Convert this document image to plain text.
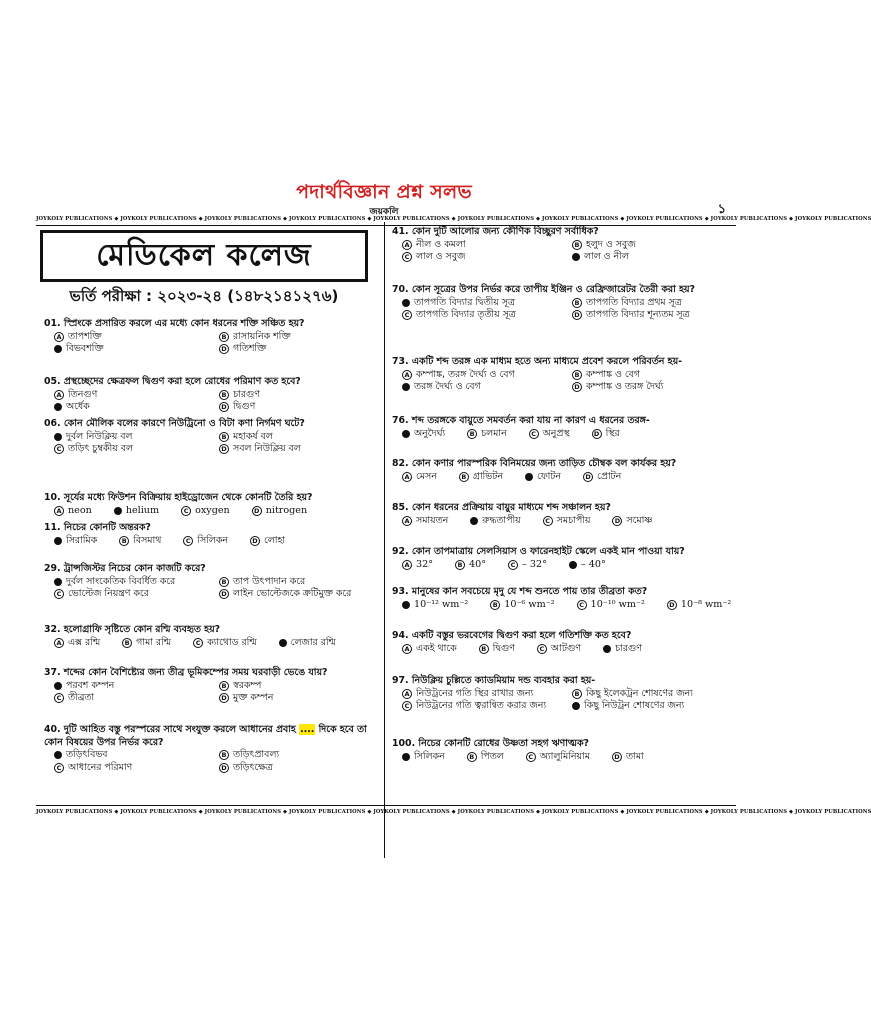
পদার্থবিজ্ঞান প্রশ্ন সলভ
জয়কলি	১
JOYKOLY PUBLICATIONS ◆ JOYKOLY PUBLICATIONS ◆ JOYKOLY PUBLICATIONS ◆ JOYKOLY PUBLICATIONS ◆ JOYKOLY PUBLICATIONS ◆ JOYKOLY PUBLICATIONS ◆ JOYKOLY PUBLICATIONS ◆ JOYKOLY PUBLICATIONS ◆ JOYKOLY PUBLICATIONS ◆ JOYKOLY PUBLICATIONS
JOYKOLY PUBLICATIONS ◆ JOYKOLY PUBLICATIONS ◆ JOYKOLY PUBLICATIONS ◆ JOYKOLY PUBLICATIONS ◆ JOYKOLY PUBLICATIONS ◆ JOYKOLY PUBLICATIONS ◆ JOYKOLY PUBLICATIONS ◆ JOYKOLY PUBLICATIONS ◆ JOYKOLY PUBLICATIONS ◆ JOYKOLY PUBLICATIONS
মেডিকেল কলেজ
ভর্তি পরীক্ষা : ২০২৩-২৪ (১৪৮২১৪১২৭৬)
01. স্প্রিংকে প্রসারিত করলে এর মধ্যে কোন ধরনের শক্তি সঞ্চিত হয়?
A তাপশক্তি	B রাসায়নিক শক্তি
বিভবশক্তি	D গতিশক্তি
05. প্রস্থচ্ছেদের ক্ষেত্রফল দ্বিগুণ করা হলে রোধের পরিমাণ কত হবে?
A তিনগুণ	B চারগুণ
অর্ধেক	D দ্বিগুণ
06. কোন মৌলিক বলের কারণে নিউট্রিনো ও বিটা কণা নির্গমণ ঘটে?
দুর্বল নিউক্লিয় বল	B মহাকর্ষ বল
C তড়িৎ চুম্বকীয় বল	D সবল নিউক্লিয় বল
10. সূর্যের মধ্যে ফিউশন বিক্রিয়ায় হাইড্রোজেন থেকে কোনটি তৈরি হয়?
A neon	helium	C oxygen	D nitrogen
11. নিচের কোনটি অন্তরক?
সিরামিক	B বিসমাথ	C সিলিকন	D লোহা
29. ট্রান্সজিস্টর নিচের কোন কাজটি করে?
দুর্বল সাংকেতিক বিবর্ধিত করে	B তাপ উৎপাদান করে
C ভোল্টেজ নিয়ন্ত্রণ করে	D লাইন ভোল্টেজকে ক্রটিমুক্ত করে
32. হলোগ্রাফি সৃষ্টিতে কোন রশ্মি ব্যবহৃত হয়?
A এক্স রশ্মি	B গামা রশ্মি	C ক্যাথোড রশ্মি	লেজার রশ্মি
37. শব্দের কোন বৈশিষ্ট্যের জন্য তীব্র ভূমিকম্পের সময় ঘরবাড়ী ভেঙে যায়?
পরবশ কম্পন	B স্বরকম্প
C তীব্রতা	D মুক্ত কম্পন
40. দুটি আহিত বস্তু পরস্পরের সাথে সংযুক্ত করলে আধানের প্রবাহ .... দিকে হবে তা কোন বিষয়ের উপর নির্ভর করে?
তড়িৎবিভব	B তড়িৎপ্রাবল্য
C আধানের পরিমাণ	D তড়িৎক্ষেত্র
41. কোন দুটি আলোর জন্য কৌণিক বিচ্ছুরণ সর্বাধিক?
A নীল ও কমলা	B হলুদ ও সবুজ
C লাল ও সবুজ	লাল ও নীল
70. কোন সূত্রের উপর নির্ভর করে তাপীয় ইঞ্জিন ও রেফ্রিজারেটর তৈরী করা হয়?
তাপগতি বিদ্যার দ্বিতীয় সূত্র	B তাপগতি বিদ্যার প্রথম সূত্র
C তাপগতি বিদ্যার তৃতীয় সূত্র	D তাপগতি বিদ্যার শূন্যতম সূত্র
73. একটি শব্দ তরঙ্গ এক মাধ্যম হতে অন্য মাধ্যমে প্রবেশ করলে পরিবর্তন হয়-
A কম্পাঙ্ক, তরঙ্গ দৈর্ঘ্য ও বেগ	B কম্পাঙ্ক ও বেগ
তরঙ্গ দৈর্ঘ্য ও বেগ	D কম্পাঙ্ক ও তরঙ্গ দৈর্ঘ্য
76. শব্দ তরঙ্গকে বায়ুতে সমবর্তন করা যায় না কারণ এ ধরনের তরঙ্গ-
অনুদৈর্ঘ্য	B চলমান	C অনুপ্রস্থ	D স্থির
82. কোন কণার পারস্পরিক বিনিময়ের জন্য তাড়িত চৌম্বক বল কার্যকর হয়?
A মেসন	B গ্রাভিটন	ফোটন	D প্রোটন
85. কোন ধরনের প্রক্রিয়ায় বায়ুর মাধ্যমে শব্দ সঞ্চালন হয়?
A সমায়তন	রুদ্ধতাপীয়	C সমচাপীয়	D সমোষ্ণ
92. কোন তাপমাত্রায় সেলসিয়াস ও ফারেনহাইট স্কেলে একই মান পাওয়া যায়?
A 32°	B 40°	C – 32°	– 40°
93. মানুষের কান সবচেয়ে মৃদু যে শব্দ শুনতে পায় তার তীব্রতা কত?
10⁻¹² wm⁻²	B 10⁻⁶ wm⁻²	C 10⁻¹⁰ wm⁻²	D 10⁻⁸ wm⁻²
94. একটি বস্তুর ভরবেগের দ্বিগুণ করা হলে গতিশক্তি কত হবে?
A একই থাকে	B দ্বিগুণ	C আটগুণ	চারগুণ
97. নিউক্লিয় চুল্লিতে ক্যাডমিয়াম দন্ড ব্যবহার করা হয়-
A নিউট্রনের গতি স্থির রাখার জন্য	B কিছু ইলেকট্রন শোষণের জন্য
C নিউট্রনের গতি ত্বরান্বিত করার জন্য	কিছু নিউট্রন শোষণের জন্য
100. নিচের কোনটি রোধের উষ্ণতা সহগ ঋণাত্মক?
সিলিকন	B পিতল	C অ্যালুমিনিয়াম	D তামা
